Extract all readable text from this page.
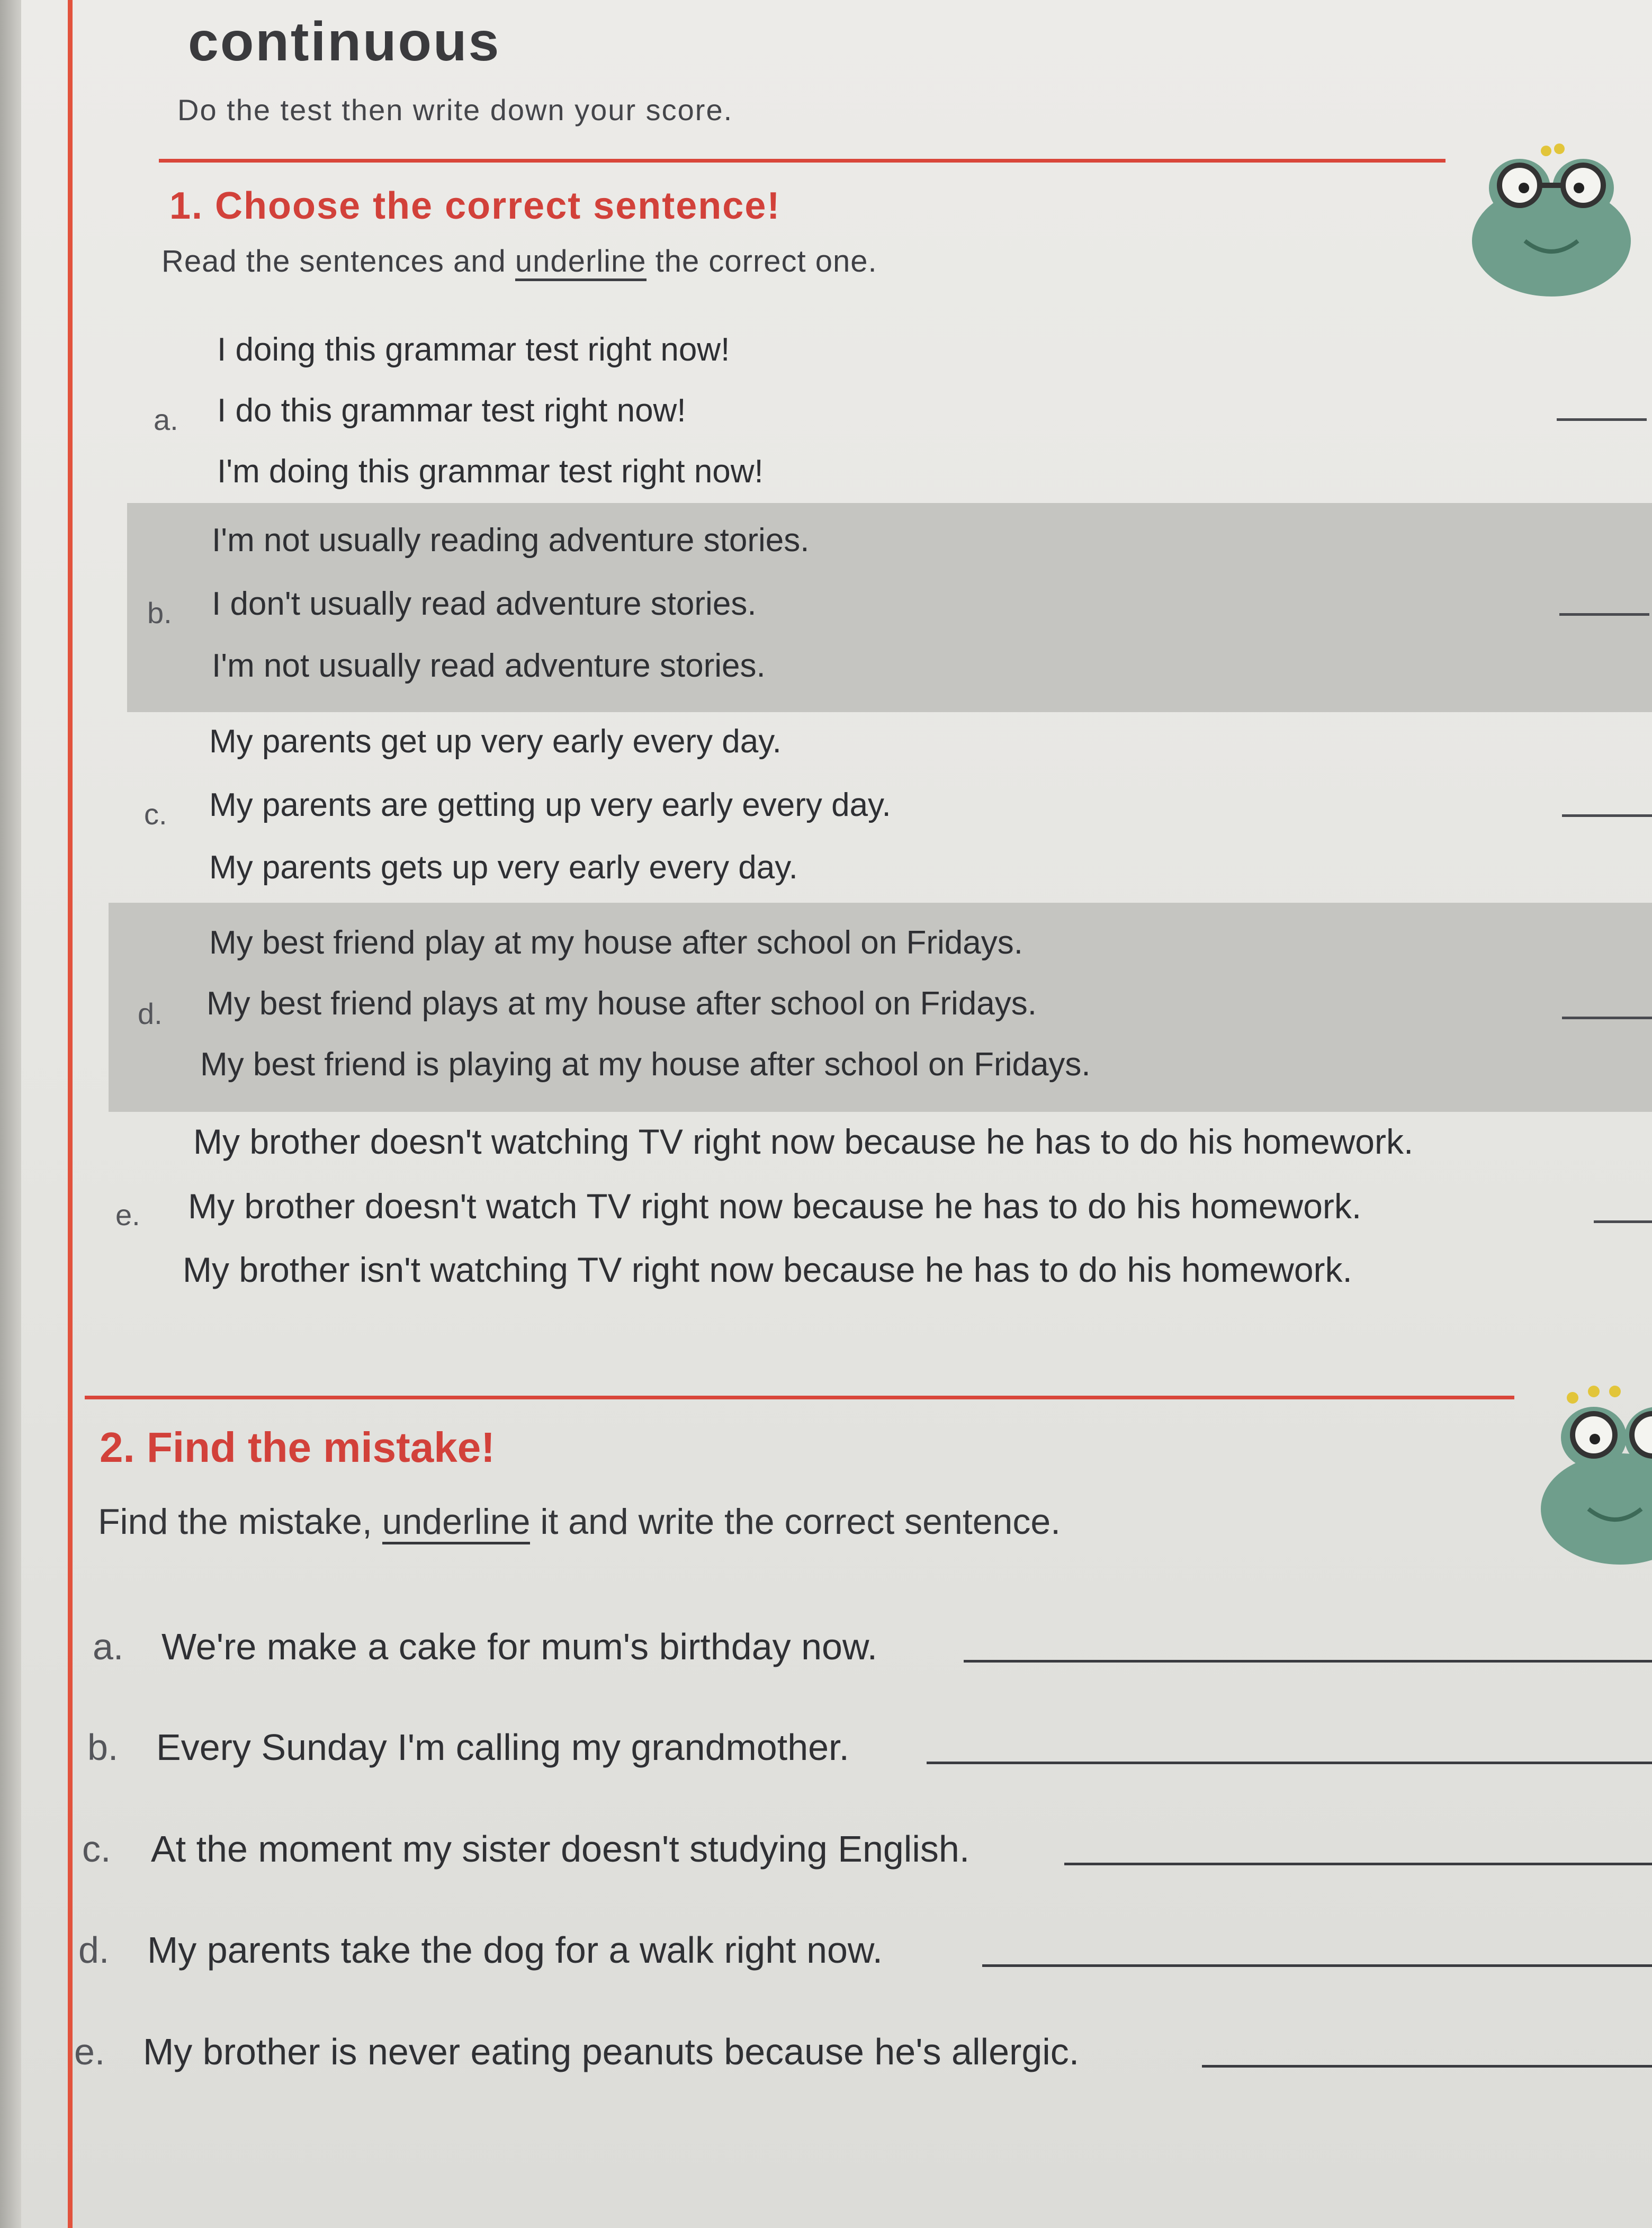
continuous
Do the test then write down your score.
1. Choose the correct sentence!
Read the sentences and underline the correct one.
I doing this grammar test right now!
a. I do this grammar test right now!
I'm doing this grammar test right now!
I'm not usually reading adventure stories.
b. I don't usually read adventure stories.
I'm not usually read adventure stories.
My parents get up very early every day.
c. My parents are getting up very early every day.
My parents gets up very early every day.
My best friend play at my house after school on Fridays.
d. My best friend plays at my house after school on Fridays.
My best friend is playing at my house after school on Fridays.
My brother doesn't watching TV right now because he has to do his homework.
e. My brother doesn't watch TV right now because he has to do his homework.
My brother isn't watching TV right now because he has to do his homework.
2. Find the mistake!
Find the mistake, underline it and write the correct sentence.
a. We're make a cake for mum's birthday now.
b. Every Sunday I'm calling my grandmother.
c. At the moment my sister doesn't studying English.
d. My parents take the dog for a walk right now.
e. My brother is never eating peanuts because he's allergic.
